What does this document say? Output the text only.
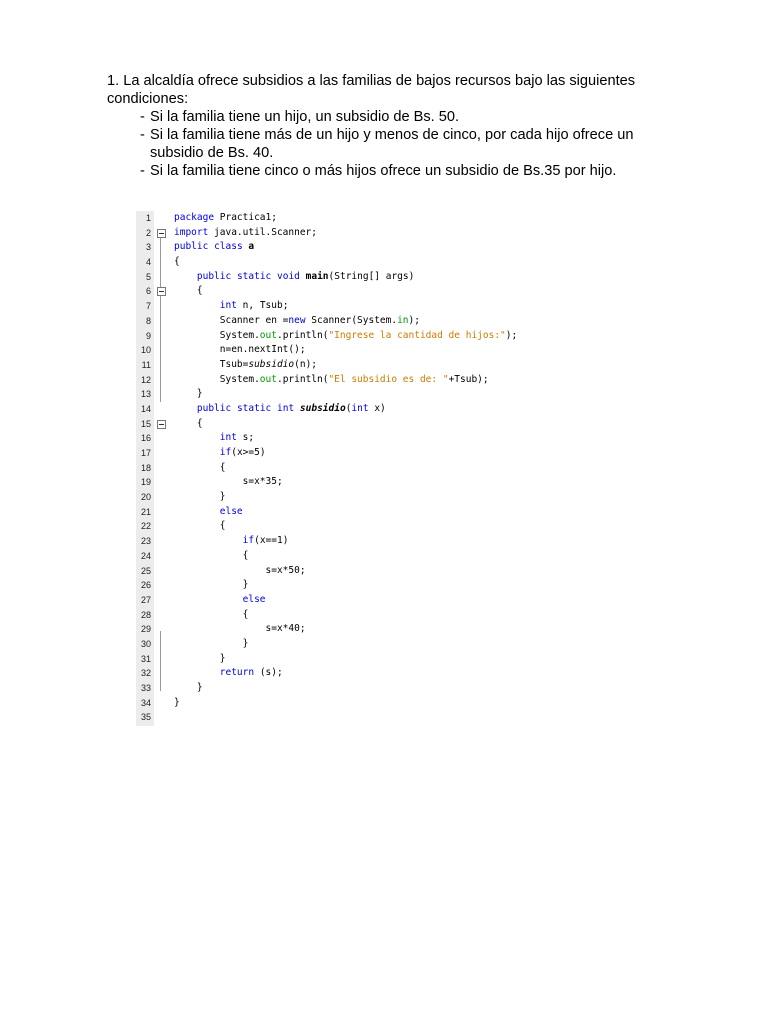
1. La alcaldía ofrece subsidios a las familias de bajos recursos bajo las siguientes condiciones:

- Si la familia tiene un hijo, un subsidio de Bs. 50.
- Si la familia tiene más de un hijo y menos de cinco, por cada hijo ofrece un subsidio de Bs. 40.
- Si la familia tiene cinco o más hijos ofrece un subsidio de Bs.35 por hijo.
1 package Practica1;
2 import java.util.Scanner;
3 public class a
4 {
5	public static void main(String[] args)
6 {
7	int n, Tsub;
8 Scanner en =new Scanner(System.in);
9 System.out.println("Ingrese la cantidad de hijos:");
10 n=en.nextInt();
11 Tsub=subsidio(n);
12 System.out.println("El subsidio es de: "+Tsub);
13 }
14	public static int subsidio(int x)
15 {
16	int s;
17	if(x>=5)
18 {
19 s=x*35;
20 }
21	else
22 {
23	if(x==1)
24 {
25 s=x*50;
26 }
27	else
28 {
29 s=x*40;
30 }
31 }
32	return (s);
33 }
34 }
35
